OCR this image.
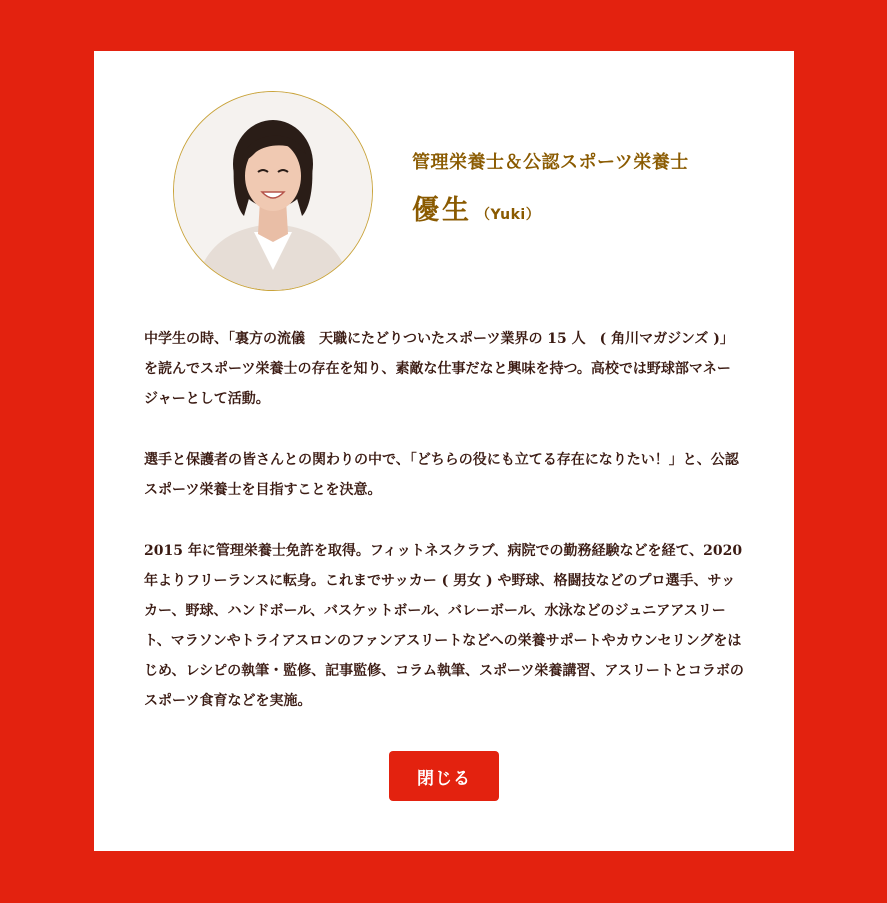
管理栄養士＆公認スポーツ栄養士
優生 （Yuki）

中学生の時、「裏方の流儀　天職にたどりついたスポーツ業界の 15 人　( 角川マガジンズ )」を読んでスポーツ栄養士の存在を知り、素敵な仕事だなと興味を持つ。高校では野球部マネージャーとして活動。

選手と保護者の皆さんとの関わりの中で、「どちらの役にも立てる存在になりたい！」と、公認スポーツ栄養士を目指すことを決意。

2015 年に管理栄養士免許を取得。フィットネスクラブ、病院での勤務経験などを経て、2020 年よりフリーランスに転身。これまでサッカー ( 男女 ) や野球、格闘技などのプロ選手、サッカー、野球、ハンドボール、バスケットボール、バレーボール、水泳などのジュニアアスリート、マラソンやトライアスロンのファンアスリートなどへの栄養サポートやカウンセリングをはじめ、レシピの執筆・監修、記事監修、コラム執筆、スポーツ栄養講習、アスリートとコラボのスポーツ食育などを実施。

閉じる
